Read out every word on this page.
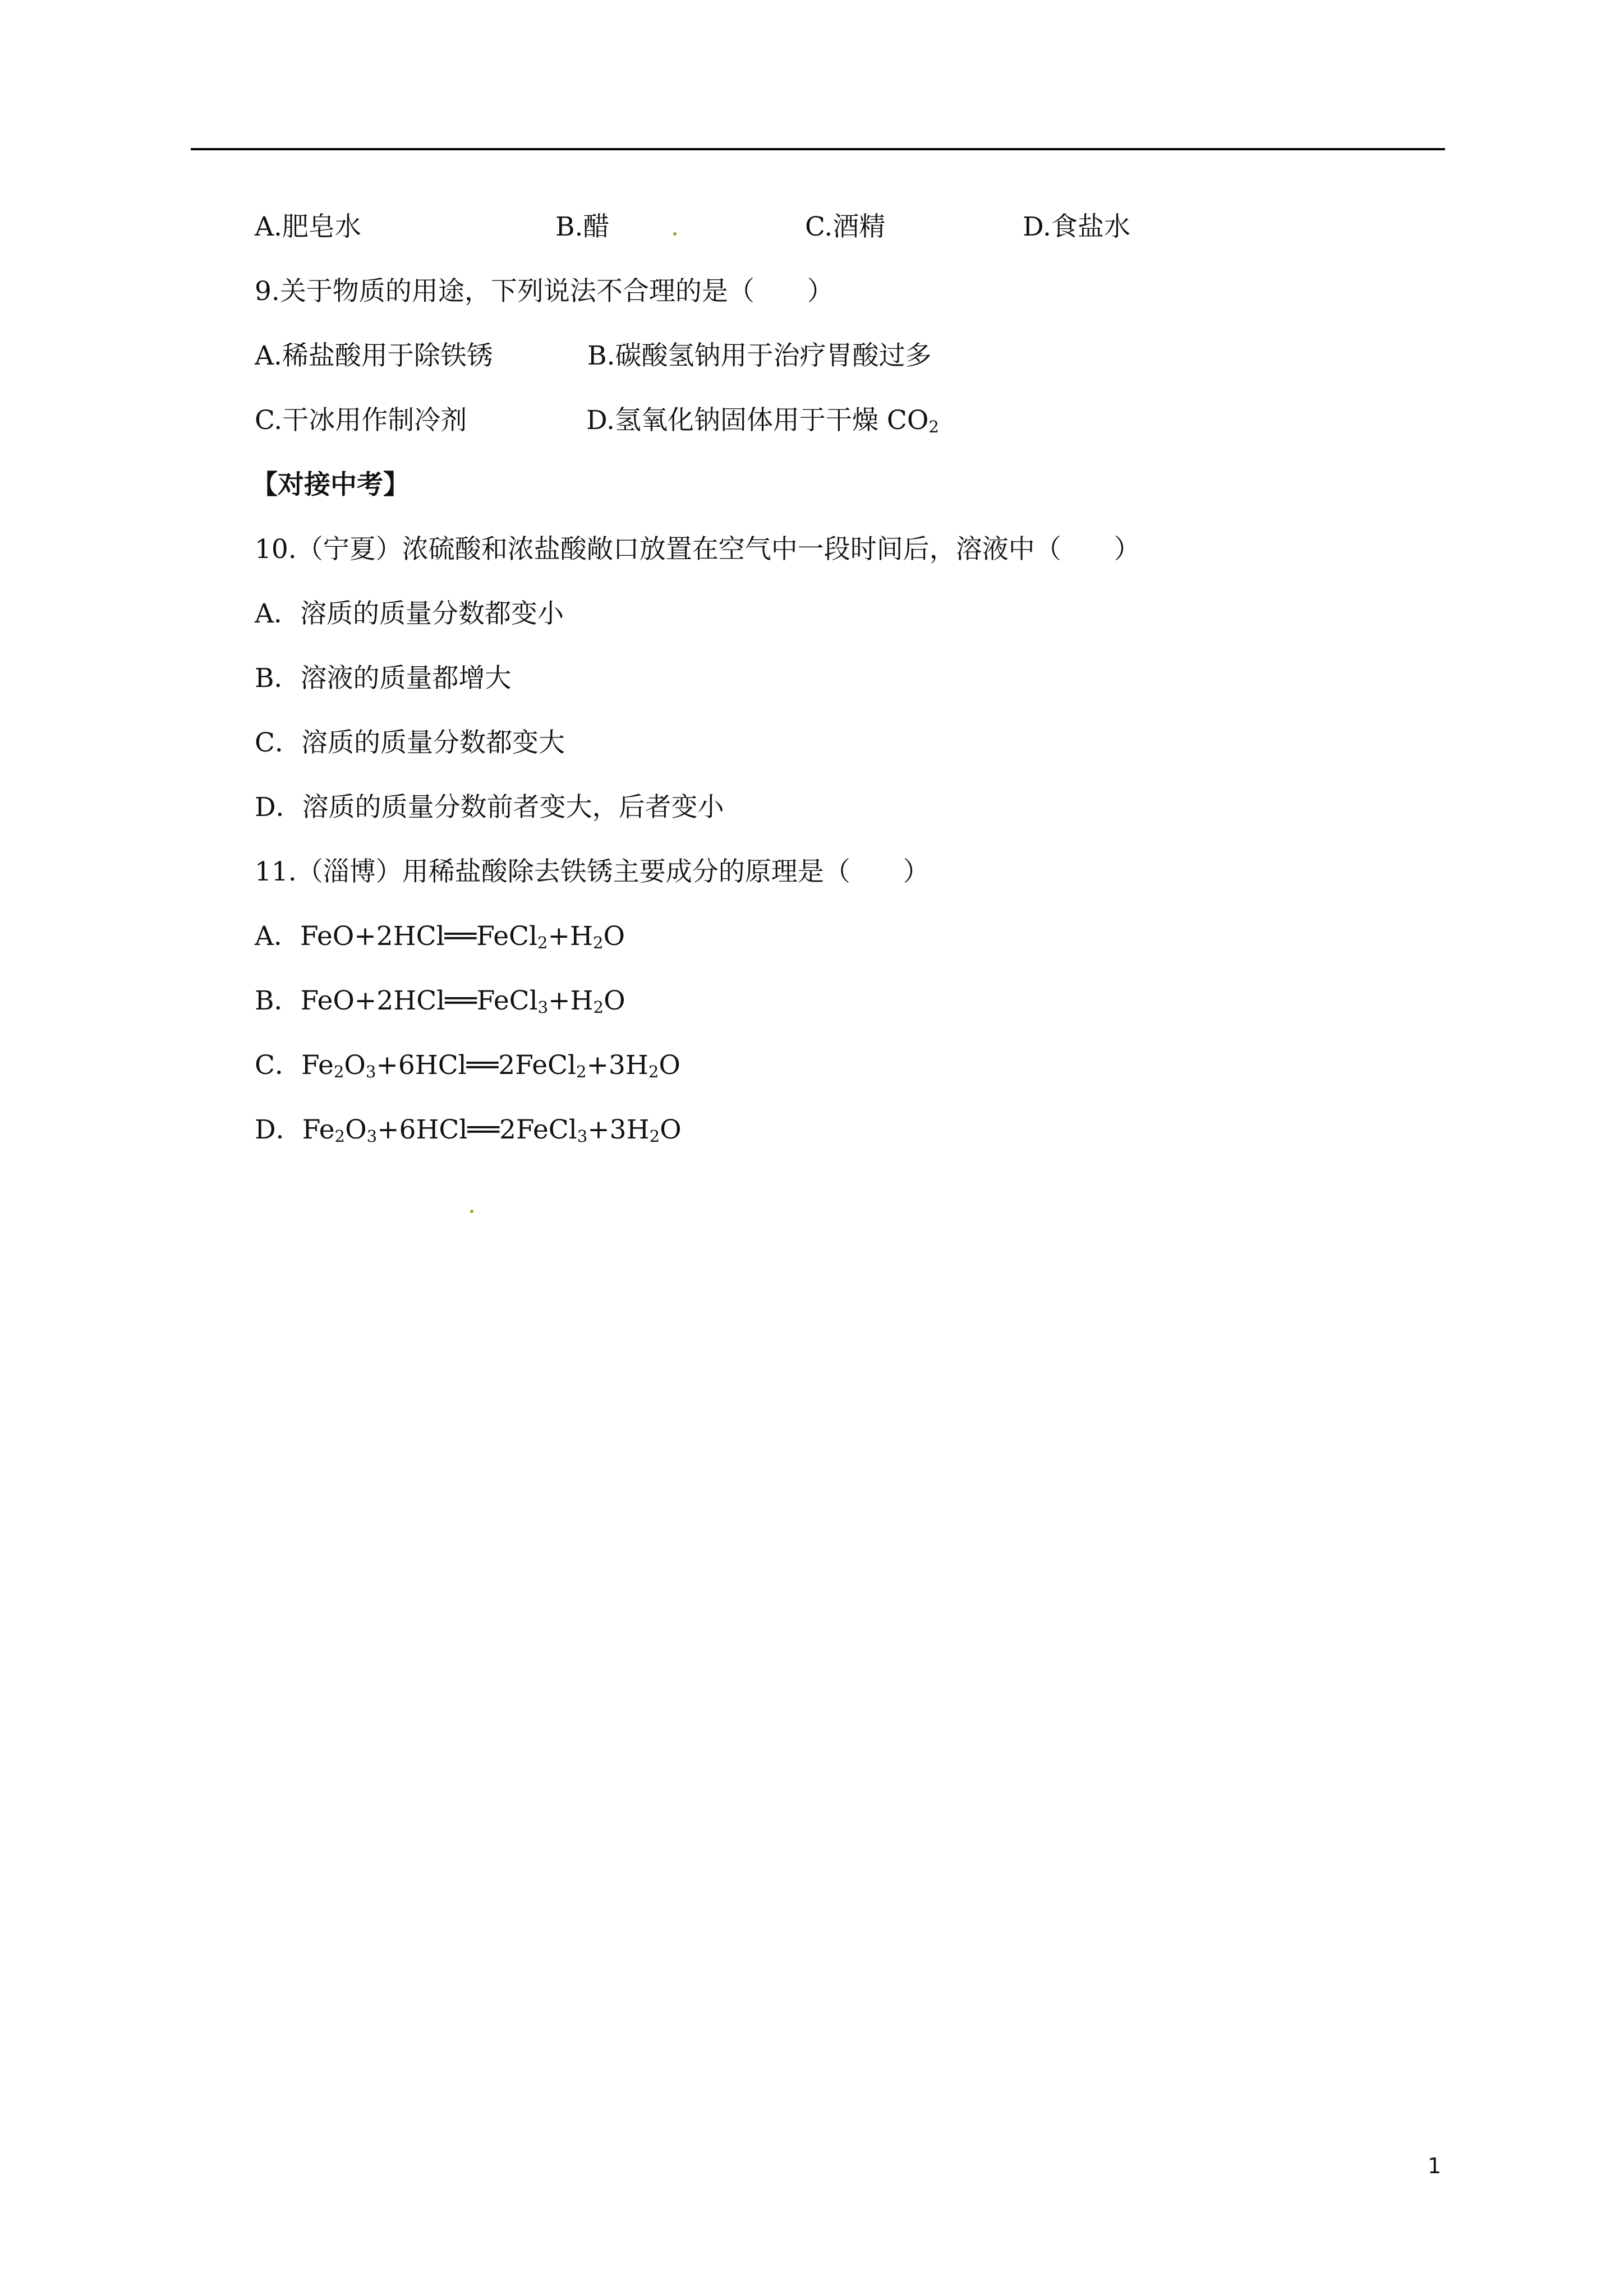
A.肥皂水	B.醋	C.酒精	D.食盐水
9.关于物质的用途，下列说法不合理的是（　　）
A.稀盐酸用于除铁锈	B.碳酸氢钠用于治疗胃酸过多
C.干冰用作制冷剂	D.氢氧化钠固体用于干燥 $CO_2$
【对接中考】
10.（宁夏）浓硫酸和浓盐酸敞口放置在空气中一段时间后，溶液中（　　）
A．溶质的质量分数都变小
B．溶液的质量都增大
C．溶质的质量分数都变大
D．溶质的质量分数前者变大，后者变小
11.（淄博）用稀盐酸除去铁锈主要成分的原理是（　　）
A．$FeO+2HCl══FeCl_2+H_2O$
B．$FeO+2HCl══FeCl_3+H_2O$
C．$Fe_2O_3+6HCl══2FeCl_2+3H_2O$
D．$Fe_2O_3+6HCl══2FeCl_3+3H_2O$
1
